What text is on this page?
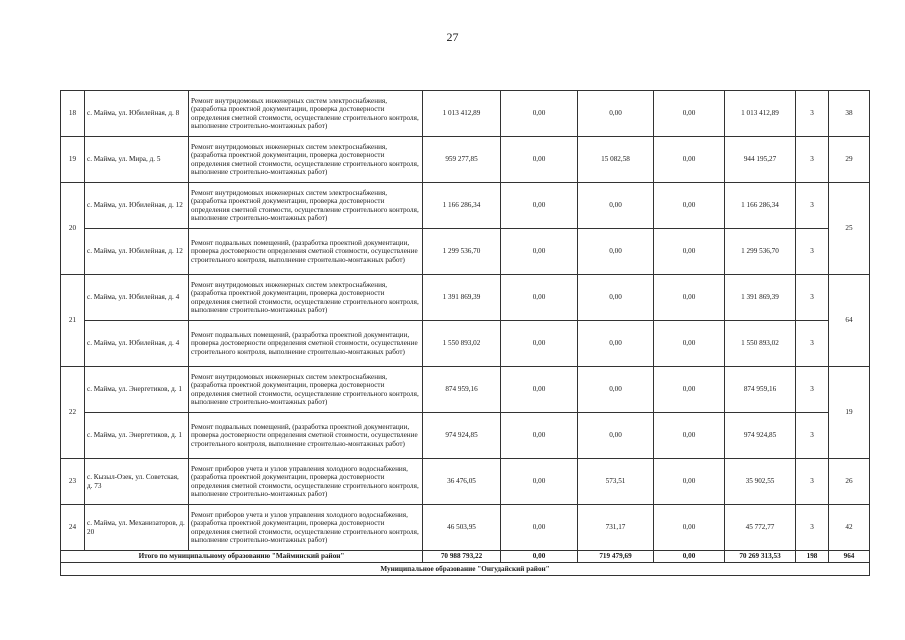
27
18	с. Майма, ул. Юбилейная, д. 8	Ремонт внутридомовых инженерных систем электроснабжения, (разработка проектной документации, проверка достоверности определения сметной стоимости, осуществление строительного контроля, выполнение строительно-монтажных работ)	1 013 412,89	0,00	0,00	0,00	1 013 412,89	3	38
19	с. Майма, ул. Мира, д. 5	Ремонт внутридомовых инженерных систем электроснабжения, (разработка проектной документации, проверка достоверности определения сметной стоимости, осуществление строительного контроля, выполнение строительно-монтажных работ)	959 277,85	0,00	15 082,58	0,00	944 195,27	3	29
20	с. Майма, ул. Юбилейная, д. 12	Ремонт внутридомовых инженерных систем электроснабжения, (разработка проектной документации, проверка достоверности определения сметной стоимости, осуществление строительного контроля, выполнение строительно-монтажных работ)	1 166 286,34	0,00	0,00	0,00	1 166 286,34	3	25
	с. Майма, ул. Юбилейная, д. 12	Ремонт подвальных помещений, (разработка проектной документации, проверка достоверности определения сметной стоимости, осуществление строительного контроля, выполнение строительно-монтажных работ)	1 299 536,70	0,00	0,00	0,00	1 299 536,70	3	
21	с. Майма, ул. Юбилейная, д. 4	Ремонт внутридомовых инженерных систем электроснабжения, (разработка проектной документации, проверка достоверности определения сметной стоимости, осуществление строительного контроля, выполнение строительно-монтажных работ)	1 391 869,39	0,00	0,00	0,00	1 391 869,39	3	64
	с. Майма, ул. Юбилейная, д. 4	Ремонт подвальных помещений, (разработка проектной документации, проверка достоверности определения сметной стоимости, осуществление строительного контроля, выполнение строительно-монтажных работ)	1 550 893,02	0,00	0,00	0,00	1 550 893,02	3	
22	с. Майма, ул. Энергетиков, д. 1	Ремонт внутридомовых инженерных систем электроснабжения, (разработка проектной документации, проверка достоверности определения сметной стоимости, осуществление строительного контроля, выполнение строительно-монтажных работ)	874 959,16	0,00	0,00	0,00	874 959,16	3	19
	с. Майма, ул. Энергетиков, д. 1	Ремонт подвальных помещений, (разработка проектной документации, проверка достоверности определения сметной стоимости, осуществление строительного контроля, выполнение строительно-монтажных работ)	974 924,85	0,00	0,00	0,00	974 924,85	3	
23	с. Кызыл-Озек, ул. Советская, д. 73	Ремонт приборов учета и узлов управления холодного водоснабжения, (разработка проектной документации, проверка достоверности определения сметной стоимости, осуществление строительного контроля, выполнение строительно-монтажных работ)	36 476,05	0,00	573,51	0,00	35 902,55	3	26
24	с. Майма, ул. Механизаторов, д. 20	Ремонт приборов учета и узлов управления холодного водоснабжения, (разработка проектной документации, проверка достоверности определения сметной стоимости, осуществление строительного контроля, выполнение строительно-монтажных работ)	46 503,95	0,00	731,17	0,00	45 772,77	3	42
Итого по муниципальному образованию "Майминский район"			70 988 793,22	0,00	719 479,69	0,00	70 269 313,53	198	964
Муниципальное образование "Онгудайский район"									
